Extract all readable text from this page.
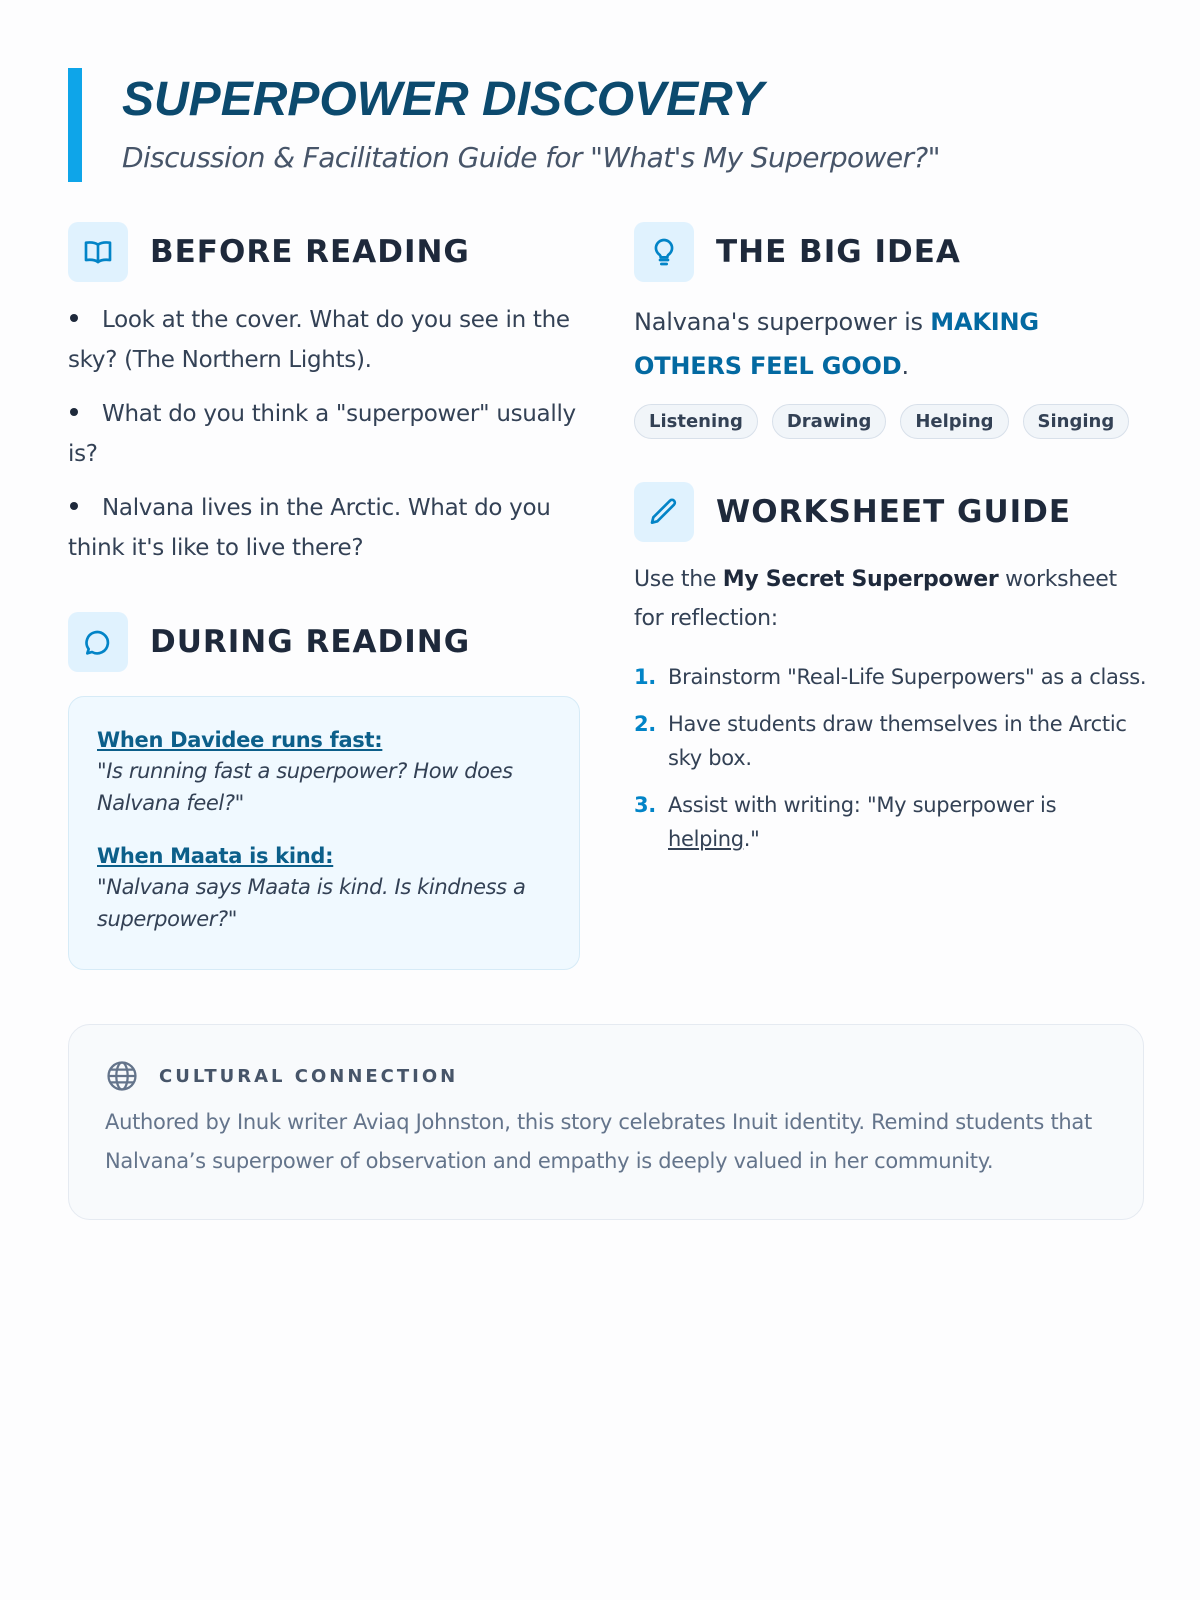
SUPERPOWER DISCOVERY
Discussion & Facilitation Guide for "What's My Superpower?"
BEFORE READING
Look at the cover. What do you see in the sky? (The Northern Lights).
What do you think a "superpower" usually is?
Nalvana lives in the Arctic. What do you think it's like to live there?
DURING READING
When Davidee runs fast:
"Is running fast a superpower? How does Nalvana feel?"
When Maata is kind:
"Nalvana says Maata is kind. Is kindness a superpower?"
THE BIG IDEA
Nalvana's superpower is MAKING OTHERS FEEL GOOD.
Listening	Drawing	Helping	Singing
WORKSHEET GUIDE
Use the My Secret Superpower worksheet for reflection:
1. Brainstorm "Real-Life Superpowers" as a class.
2. Have students draw themselves in the Arctic sky box.
3. Assist with writing: "My superpower is helping."
CULTURAL CONNECTION
Authored by Inuk writer Aviaq Johnston, this story celebrates Inuit identity. Remind students that Nalvana’s superpower of observation and empathy is deeply valued in her community.
